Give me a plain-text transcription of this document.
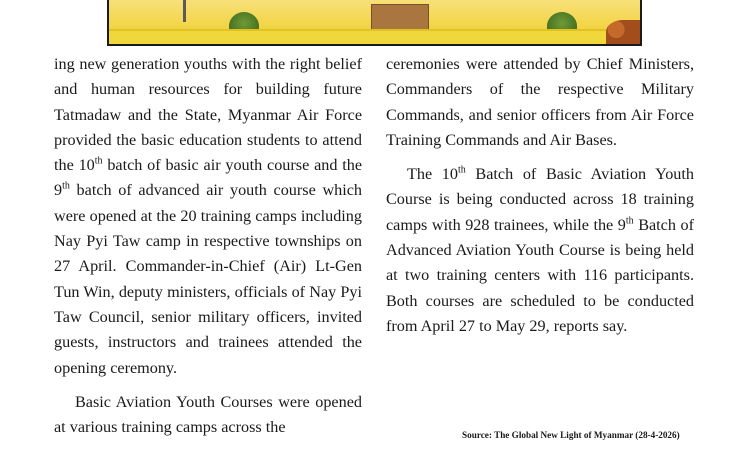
ing new generation youths with the right belief and human resources for building future Tatmadaw and the State, Myanmar Air Force provided the basic education students to attend the 10th batch of basic air youth course and the 9th batch of advanced air youth course which were opened at the 20 training camps including Nay Pyi Taw camp in respective townships on 27 April. Commander-in-Chief (Air) Lt-Gen Tun Win, deputy ministers, officials of Nay Pyi Taw Council, senior military officers, invited guests, instructors and trainees attended the opening ceremony.

Basic Aviation Youth Courses were opened at various training camps across the

ceremonies were attended by Chief Ministers, Commanders of the respective Military Commands, and senior officers from Air Force Training Commands and Air Bases.

The 10th Batch of Basic Aviation Youth Course is being conducted across 18 training camps with 928 trainees, while the 9th Batch of Advanced Aviation Youth Course is being held at two training centers with 116 participants. Both courses are scheduled to be conducted from April 27 to May 29, reports say.

Source: The Global New Light of Myanmar (28-4-2026)
